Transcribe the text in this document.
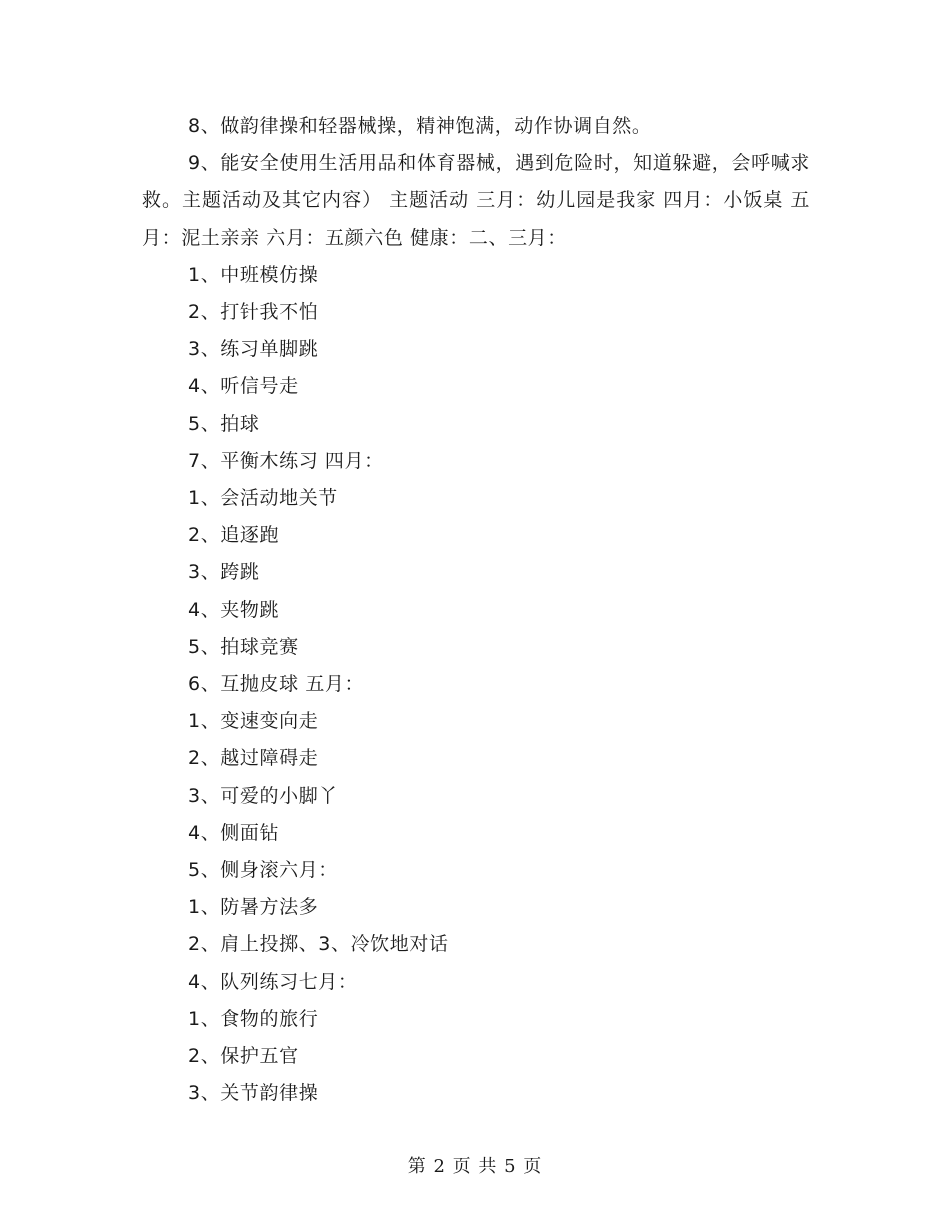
8、做韵律操和轻器械操，精神饱满，动作协调自然。

9、能安全使用生活用品和体育器械，遇到危险时，知道躲避，会呼喊求救。主题活动及其它内容） 主题活动 三月：幼儿园是我家 四月：小饭桌 五月：泥土亲亲 六月：五颜六色 健康：二、三月：

1、中班模仿操

2、打针我不怕

3、练习单脚跳

4、听信号走

5、拍球

7、平衡木练习 四月：

1、会活动地关节

2、追逐跑

3、跨跳

4、夹物跳

5、拍球竞赛

6、互抛皮球 五月：

1、变速变向走

2、越过障碍走

3、可爱的小脚丫

4、侧面钻

5、侧身滚六月：

1、防暑方法多

2、肩上投掷、3、冷饮地对话

4、队列练习七月：

1、食物的旅行

2、保护五官

3、关节韵律操

第 2 页 共 5 页
